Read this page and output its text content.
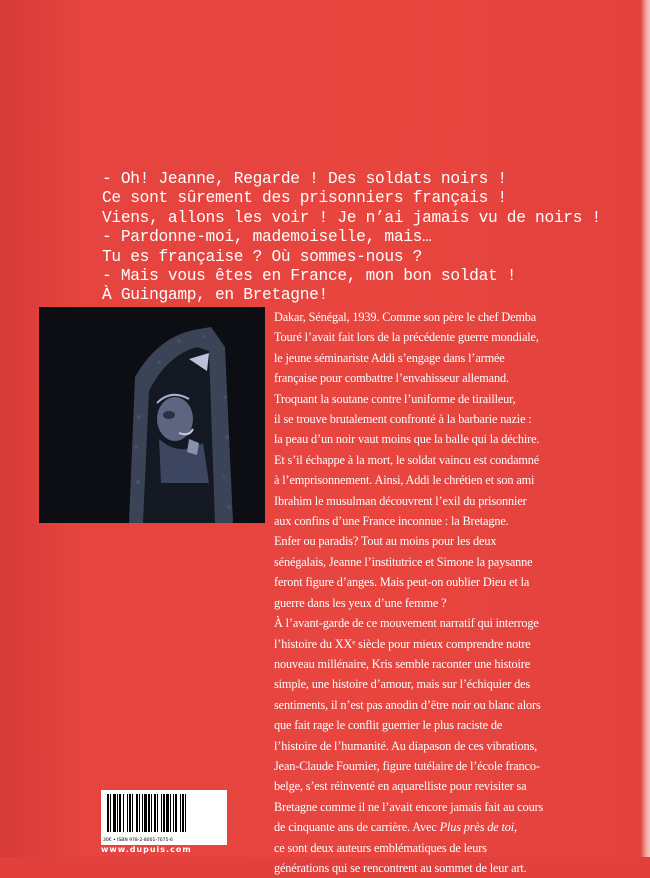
- Oh! Jeanne, Regarde ! Des soldats noirs !
Ce sont sûrement des prisonniers français !
Viens, allons les voir ! Je n’ai jamais vu de noirs !
- Pardonne-moi, mademoiselle, mais…
Tu es française ? Où sommes-nous ?
- Mais vous êtes en France, mon bon soldat !
À Guingamp, en Bretagne!
Dakar, Sénégal, 1939. Comme son père le chef Demba
Touré l’avait fait lors de la précédente guerre mondiale,
le jeune séminariste Addi s’engage dans l’armée
française pour combattre l’envahisseur allemand.
Troquant la soutane contre l’uniforme de tirailleur,
il se trouve brutalement confronté à la barbarie nazie :
la peau d’un noir vaut moins que la balle qui la déchire.
Et s’il échappe à la mort, le soldat vaincu est condamné
à l’emprisonnement. Ainsi, Addi le chrétien et son ami
Ibrahim le musulman découvrent l’exil du prisonnier
aux confins d’une France inconnue : la Bretagne.
Enfer ou paradis? Tout au moins pour les deux
sénégalais, Jeanne l’institutrice et Simone la paysanne
feront figure d’anges. Mais peut-on oublier Dieu et la
guerre dans les yeux d’une femme ?
À l’avant-garde de ce mouvement narratif qui interroge
l’histoire du XXᵉ siècle pour mieux comprendre notre
nouveau millénaire, Kris semble raconter une histoire
simple, une histoire d’amour, mais sur l’échiquier des
sentiments, il n’est pas anodin d’être noir ou blanc alors
que fait rage le conflit guerrier le plus raciste de
l’histoire de l’humanité. Au diapason de ces vibrations,
Jean-Claude Fournier, figure tutélaire de l’école franco-
belge, s’est réinventé en aquarelliste pour revisiter sa
Bretagne comme il ne l’avait encore jamais fait au cours
de cinquante ans de carrière. Avec Plus près de toi,
ce sont deux auteurs emblématiques de leurs
générations qui se rencontrent au sommet de leur art.
30€ • ISBN 978-2-8001-7075-6
www.dupuis.com
